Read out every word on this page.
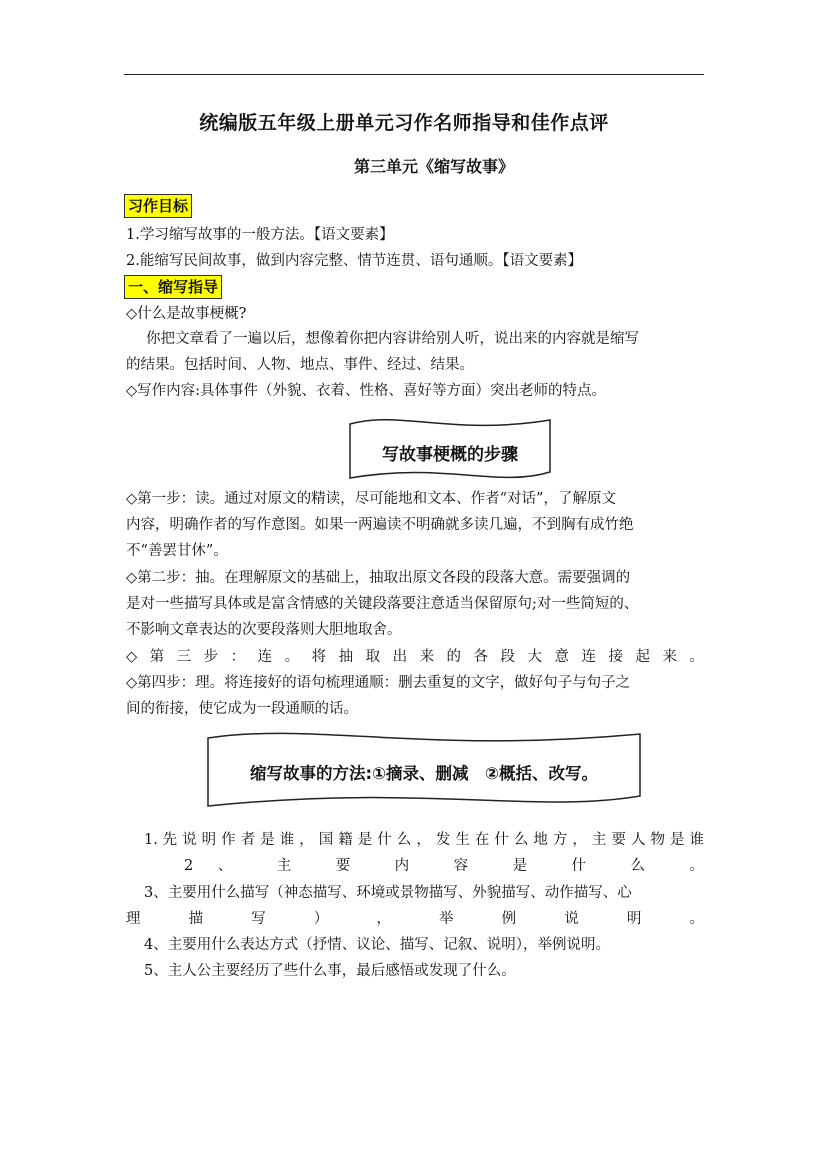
统编版五年级上册单元习作名师指导和佳作点评
第三单元《缩写故事》
习作目标
1.学习缩写故事的一般方法。【语文要素】
2.能缩写民间故事，做到内容完整、情节连贯、语句通顺。【语文要素】
一、缩写指导
◇什么是故事梗概?
你把文章看了一遍以后，想像着你把内容讲给别人听，说出来的内容就是缩写
的结果。包括时间、人物、地点、事件、经过、结果。
◇写作内容:具体事件（外貌、衣着、性格、喜好等方面）突出老师的特点。
写故事梗概的步骤
◇第一步：读。通过对原文的精读，尽可能地和文本、作者“对话”，了解原文
内容，明确作者的写作意图。如果一两遍读不明确就多读几遍，不到胸有成竹绝
不“善罢甘休”。
◇第二步：抽。在理解原文的基础上，抽取出原文各段的段落大意。需要强调的
是对一些描写具体或是富含情感的关键段落要注意适当保留原句;对一些简短的、
不影响文章表达的次要段落则大胆地取舍。
◇ 第 三 步 ： 连 。 将 抽 取 出 来 的 各 段 大 意 连 接 起 来 。
◇第四步：理。将连接好的语句梳理通顺：删去重复的文字，做好句子与句子之
间的衔接，使它成为一段通顺的话。
缩写故事的方法:①摘录、删减　②概括、改写。
1. 先 说 明 作 者 是 谁 ， 国 籍 是 什 么 ， 发 生 在 什 么 地 方 ， 主 要 人 物 是 谁
2 、 主 要 内 容 是 什 么 。
3、主要用什么描写（神态描写、环境或景物描写、外貌描写、动作描写、心
理 描 写 ） ， 举 例 说 明 。
4、主要用什么表达方式（抒情、议论、描写、记叙、说明），举例说明。
5、主人公主要经历了些什么事，最后感悟或发现了什么。
